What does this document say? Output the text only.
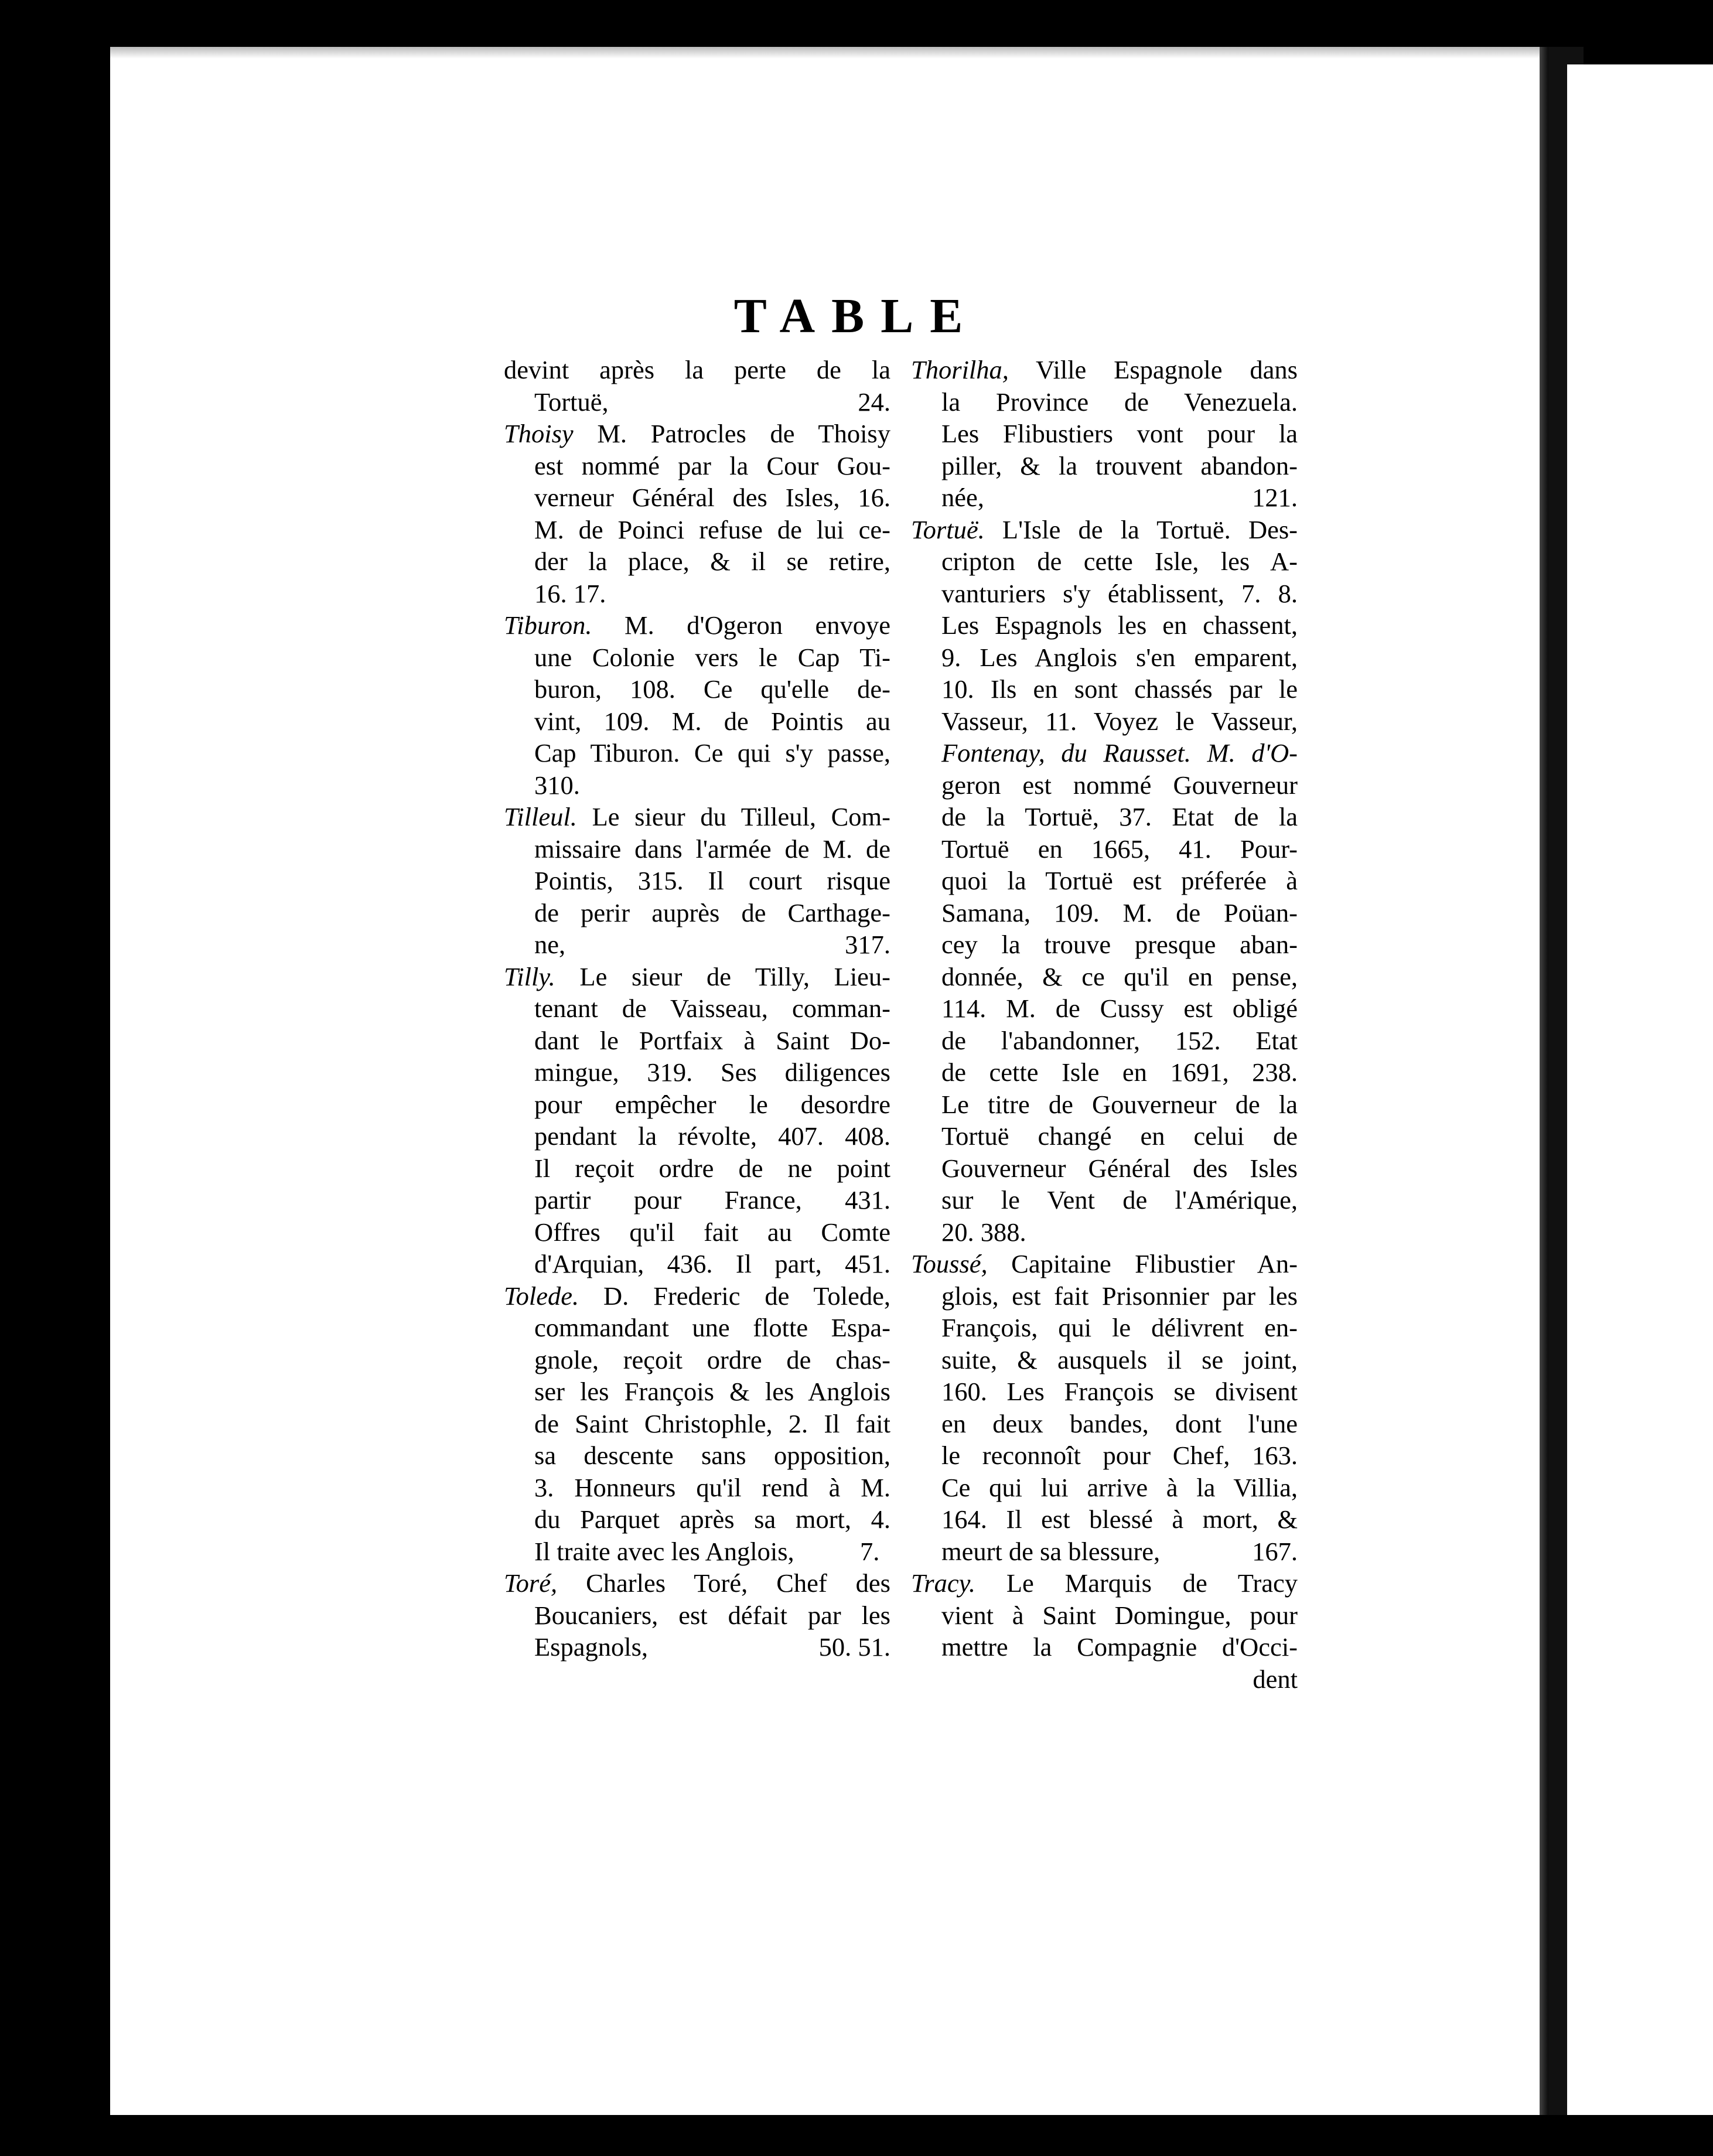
TABLE
devint après la perte de la
Tortuë,	24.
Thoisy M. Patrocles de Thoisy
est nommé par la Cour Gou-
verneur Général des Isles, 16.
M. de Poinci refuse de lui ce-
der la place, & il se retire,
16. 17.
Tiburon. M. d'Ogeron envoye
une Colonie vers le Cap Ti-
buron, 108. Ce qu'elle de-
vint, 109. M. de Pointis au
Cap Tiburon. Ce qui s'y passe,
310.
Tilleul. Le sieur du Tilleul, Com-
missaire dans l'armée de M. de
Pointis, 315. Il court risque
de perir auprès de Carthage-
ne,	317.
Tilly. Le sieur de Tilly, Lieu-
tenant de Vaisseau, comman-
dant le Portfaix à Saint Do-
mingue, 319. Ses diligences
pour empêcher le desordre
pendant la révolte, 407. 408.
Il reçoit ordre de ne point
partir pour France, 431.
Offres qu'il fait au Comte
d'Arquian, 436. Il part, 451.
Tolede. D. Frederic de Tolede,
commandant une flotte Espa-
gnole, reçoit ordre de chas-
ser les François & les Anglois
de Saint Christophle, 2. Il fait
sa descente sans opposition,
3. Honneurs qu'il rend à M.
du Parquet après sa mort, 4.
Il traite avec les Anglois,	7.
Toré, Charles Toré, Chef des
Boucaniers, est défait par les
Espagnols,	50. 51.
Thorilha, Ville Espagnole dans
la Province de Venezuela.
Les Flibustiers vont pour la
piller, & la trouvent abandon-
née,	121.
Tortuë. L'Isle de la Tortuë. Des-
cripton de cette Isle, les A-
vanturiers s'y établissent, 7. 8.
Les Espagnols les en chassent,
9. Les Anglois s'en emparent,
10. Ils en sont chassés par le
Vasseur, 11. Voyez le Vasseur,
Fontenay, du Rausset. M. d'O-
geron est nommé Gouverneur
de la Tortuë, 37. Etat de la
Tortuë en 1665, 41. Pour-
quoi la Tortuë est préferée à
Samana, 109. M. de Poüan-
cey la trouve presque aban-
donnée, & ce qu'il en pense,
114. M. de Cussy est obligé
de l'abandonner, 152. Etat
de cette Isle en 1691, 238.
Le titre de Gouverneur de la
Tortuë changé en celui de
Gouverneur Général des Isles
sur le Vent de l'Amérique,
20. 388.
Toussé, Capitaine Flibustier An-
glois, est fait Prisonnier par les
François, qui le délivrent en-
suite, & ausquels il se joint,
160. Les François se divisent
en deux bandes, dont l'une
le reconnoît pour Chef, 163.
Ce qui lui arrive à la Villia,
164. Il est blessé à mort, &
meurt de sa blessure,	167.
Tracy. Le Marquis de Tracy
vient à Saint Domingue, pour
mettre la Compagnie d'Occi-
dent
